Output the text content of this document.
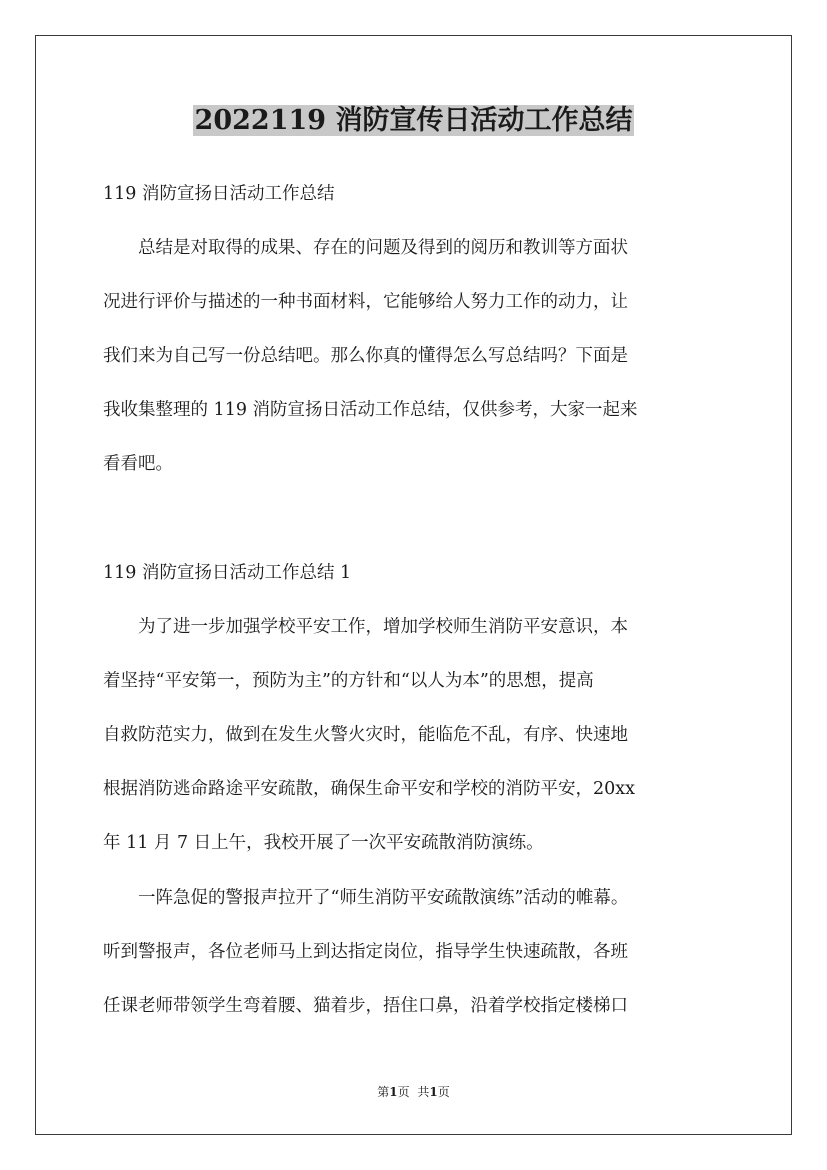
2022119 消防宣传日活动工作总结

119 消防宣扬日活动工作总结

　　总结是对取得的成果、存在的问题及得到的阅历和教训等方面状
况进行评价与描述的一种书面材料，它能够给人努力工作的动力，让
我们来为自己写一份总结吧。那么你真的懂得怎么写总结吗？下面是
我收集整理的 119 消防宣扬日活动工作总结，仅供参考，大家一起来
看看吧。

119 消防宣扬日活动工作总结 1

　　为了进一步加强学校平安工作，增加学校师生消防平安意识，本
着坚持“平安第一，预防为主”的方针和“以人为本”的思想，提高
自救防范实力，做到在发生火警火灾时，能临危不乱，有序、快速地
根据消防逃命路途平安疏散，确保生命平安和学校的消防平安，20xx
年 11 月 7 日上午，我校开展了一次平安疏散消防演练。

　　一阵急促的警报声拉开了“师生消防平安疏散演练”活动的帷幕。
听到警报声，各位老师马上到达指定岗位，指导学生快速疏散，各班
任课老师带领学生弯着腰、猫着步，捂住口鼻，沿着学校指定楼梯口

第1页 共1页
